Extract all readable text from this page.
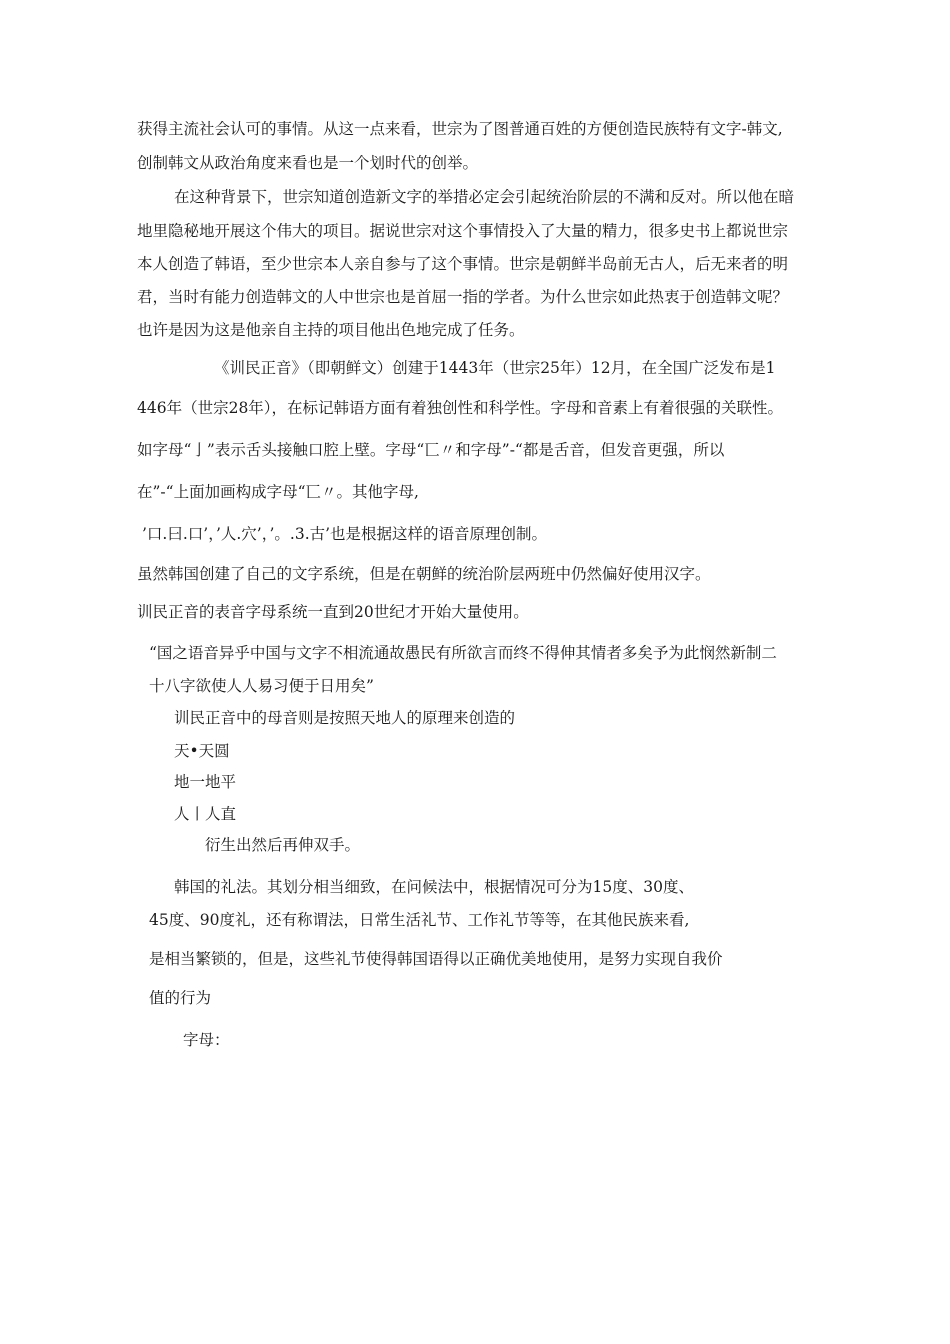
获得主流社会认可的事情。从这一点来看，世宗为了图普通百姓的方便创造民族特有文字-韩文,
创制韩文从政治角度来看也是一个划时代的创举。
在这种背景下，世宗知道创造新文字的举措必定会引起统治阶层的不满和反对。所以他在暗
地里隐秘地开展这个伟大的项目。据说世宗对这个事情投入了大量的精力，很多史书上都说世宗
本人创造了韩语，至少世宗本人亲自参与了这个事情。世宗是朝鲜半岛前无古人，后无来者的明
君，当时有能力创造韩文的人中世宗也是首屈一指的学者。为什么世宗如此热衷于创造韩文呢？
也许是因为这是他亲自主持的项目他出色地完成了任务。
《训民正音》（即朝鲜文）创建于1443年（世宗25年）12月，在全国广泛发布是1
446年（世宗28年），在标记韩语方面有着独创性和科学性。字母和音素上有着很强的关联性。
如字母“亅”表示舌头接触口腔上壁。字母“匸〃和字母”-“都是舌音，但发音更强，所以
在”-“上面加画构成字母“匸〃。其他字母,
’口.曰.口’，’人.穴’，’。.3.古’也是根据这样的语音原理创制。
虽然韩国创建了自己的文字系统，但是在朝鲜的统治阶层两班中仍然偏好使用汉字。
训民正音的表音字母系统一直到20世纪才开始大量使用。
“国之语音异乎中国与文字不相流通故愚民有所欲言而终不得伸其情者多矣予为此悯然新制二
十八字欲使人人易习便于日用矣”
训民正音中的母音则是按照天地人的原理来创造的
天•天圆
地一地平
人丨人直
衍生出然后再伸双手。
韩国的礼法。其划分相当细致，在问候法中，根据情况可分为15度、30度、
45度、90度礼，还有称谓法，日常生活礼节、工作礼节等等，在其他民族来看,
是相当繁锁的，但是，这些礼节使得韩国语得以正确优美地使用，是努力实现自我价
值的行为
字母：
